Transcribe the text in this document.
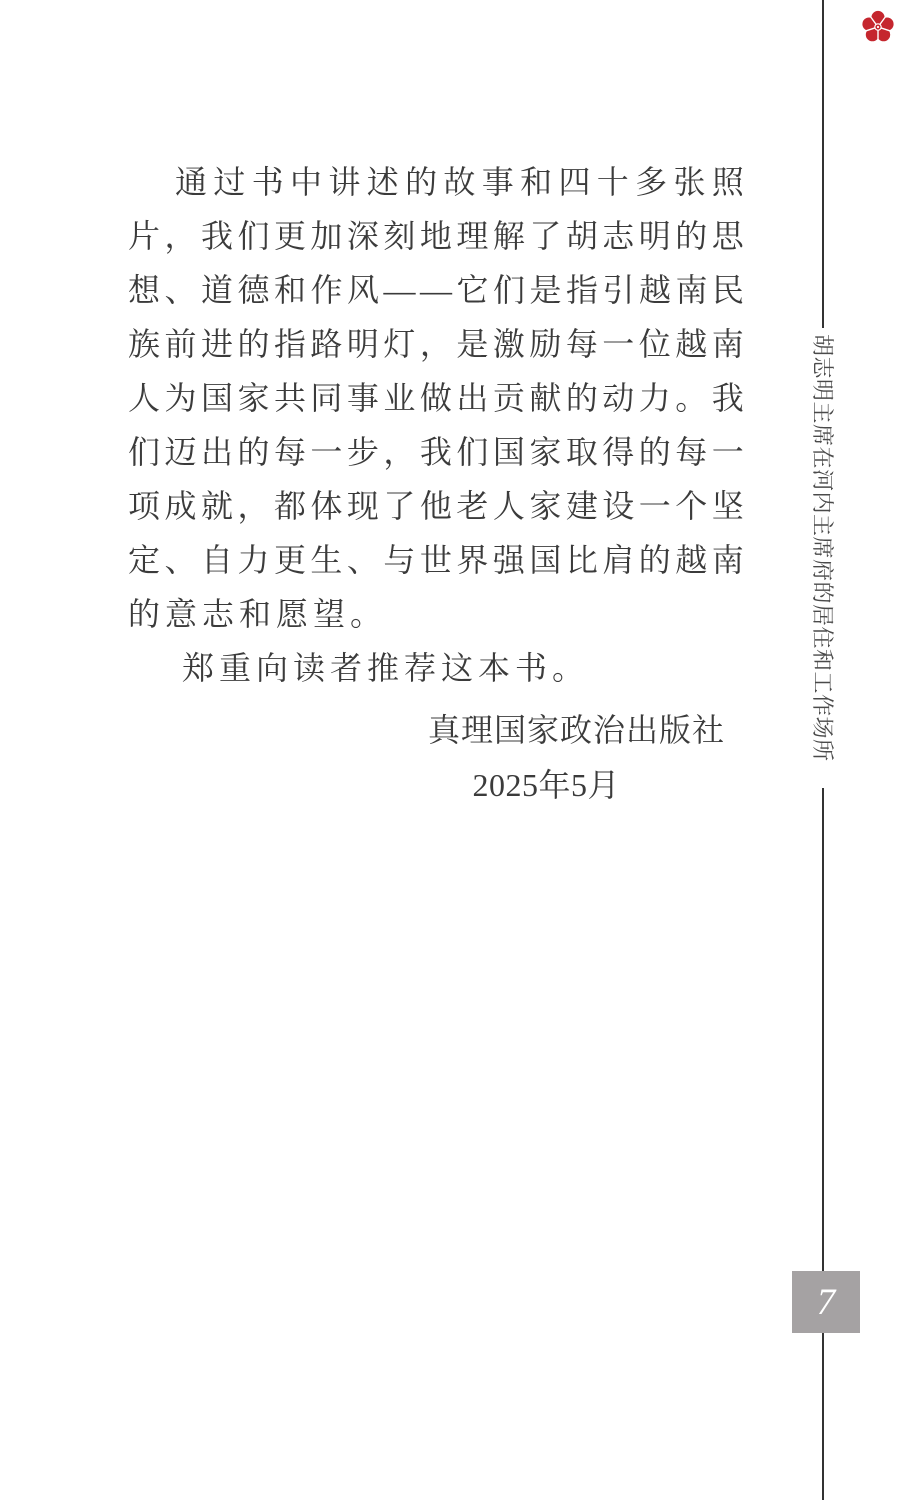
胡志明主席在河内主席府的居住和工作场所
7
通 过 书 中 讲 述 的 故 事 和 四 十 多 张 照
片 ， 我 们 更 加 深 刻 地 理 解 了 胡 志 明 的 思
想 、 道 德 和 作 风 — — 它 们 是 指 引 越 南 民
族 前 进 的 指 路 明 灯 ， 是 激 励 每 一 位 越 南
人 为 国 家 共 同 事 业 做 出 贡 献 的 动 力 。 我
们 迈 出 的 每 一 步 ， 我 们 国 家 取 得 的 每 一
项 成 就 ， 都 体 现 了 他 老 人 家 建 设 一 个 坚
定 、 自 力 更 生 、 与 世 界 强 国 比 肩 的 越 南
的意志和愿望。
郑重向读者推荐这本书。
真理国家政治出版社
2025年5月
